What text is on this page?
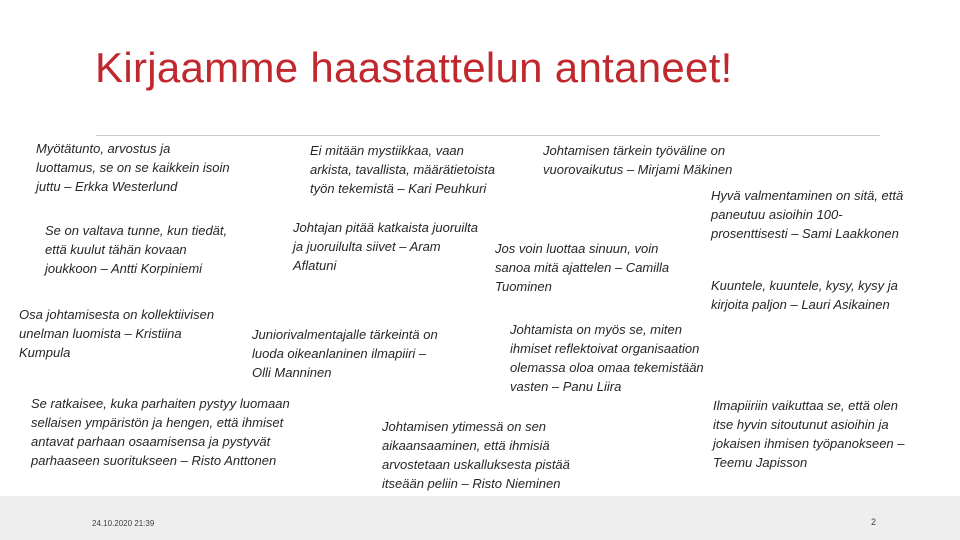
Kirjaamme haastattelun antaneet!
Myötätunto, arvostus ja
luottamus, se on se kaikkein isoin
juttu – Erkka Westerlund
Ei mitään mystiikkaa, vaan
arkista, tavallista, määrätietoista
työn tekemistä – Kari Peuhkuri
Johtamisen tärkein työväline on
vuorovaikutus – Mirjami Mäkinen
Hyvä valmentaminen on sitä, että
paneutuu asioihin 100-
prosenttisesti – Sami Laakkonen
Se on valtava tunne, kun tiedät,
että kuulut tähän kovaan
joukkoon – Antti Korpiniemi
Johtajan pitää katkaista juoruilta
ja juoruilulta siivet – Aram
Aflatuni
Jos voin luottaa sinuun, voin
sanoa mitä ajattelen – Camilla
Tuominen	Kuuntele, kuuntele, kysy, kysy ja
kirjoita paljon – Lauri Asikainen
Osa johtamisesta on kollektiivisen
unelman luomista – Kristiina
Kumpula
Juniorivalmentajalle tärkeintä on
luoda oikeanlaninen ilmapiiri –
Olli Manninen
Johtamista on myös se, miten
ihmiset reflektoivat organisaation
olemassa oloa omaa tekemistään
vasten – Panu Liira
Se ratkaisee, kuka parhaiten pystyy luomaan
sellaisen ympäristön ja hengen, että ihmiset
antavat parhaan osaamisensa ja pystyvät
parhaaseen suoritukseen – Risto Anttonen
Johtamisen ytimessä on sen
aikaansaaminen, että ihmisiä
arvostetaan uskalluksesta pistää
itseään peliin – Risto Nieminen
Ilmapiiriin vaikuttaa se, että olen
itse hyvin sitoutunut asioihin ja
jokaisen ihmisen työpanokseen –
Teemu Japisson
24.10.2020 21:39	2
